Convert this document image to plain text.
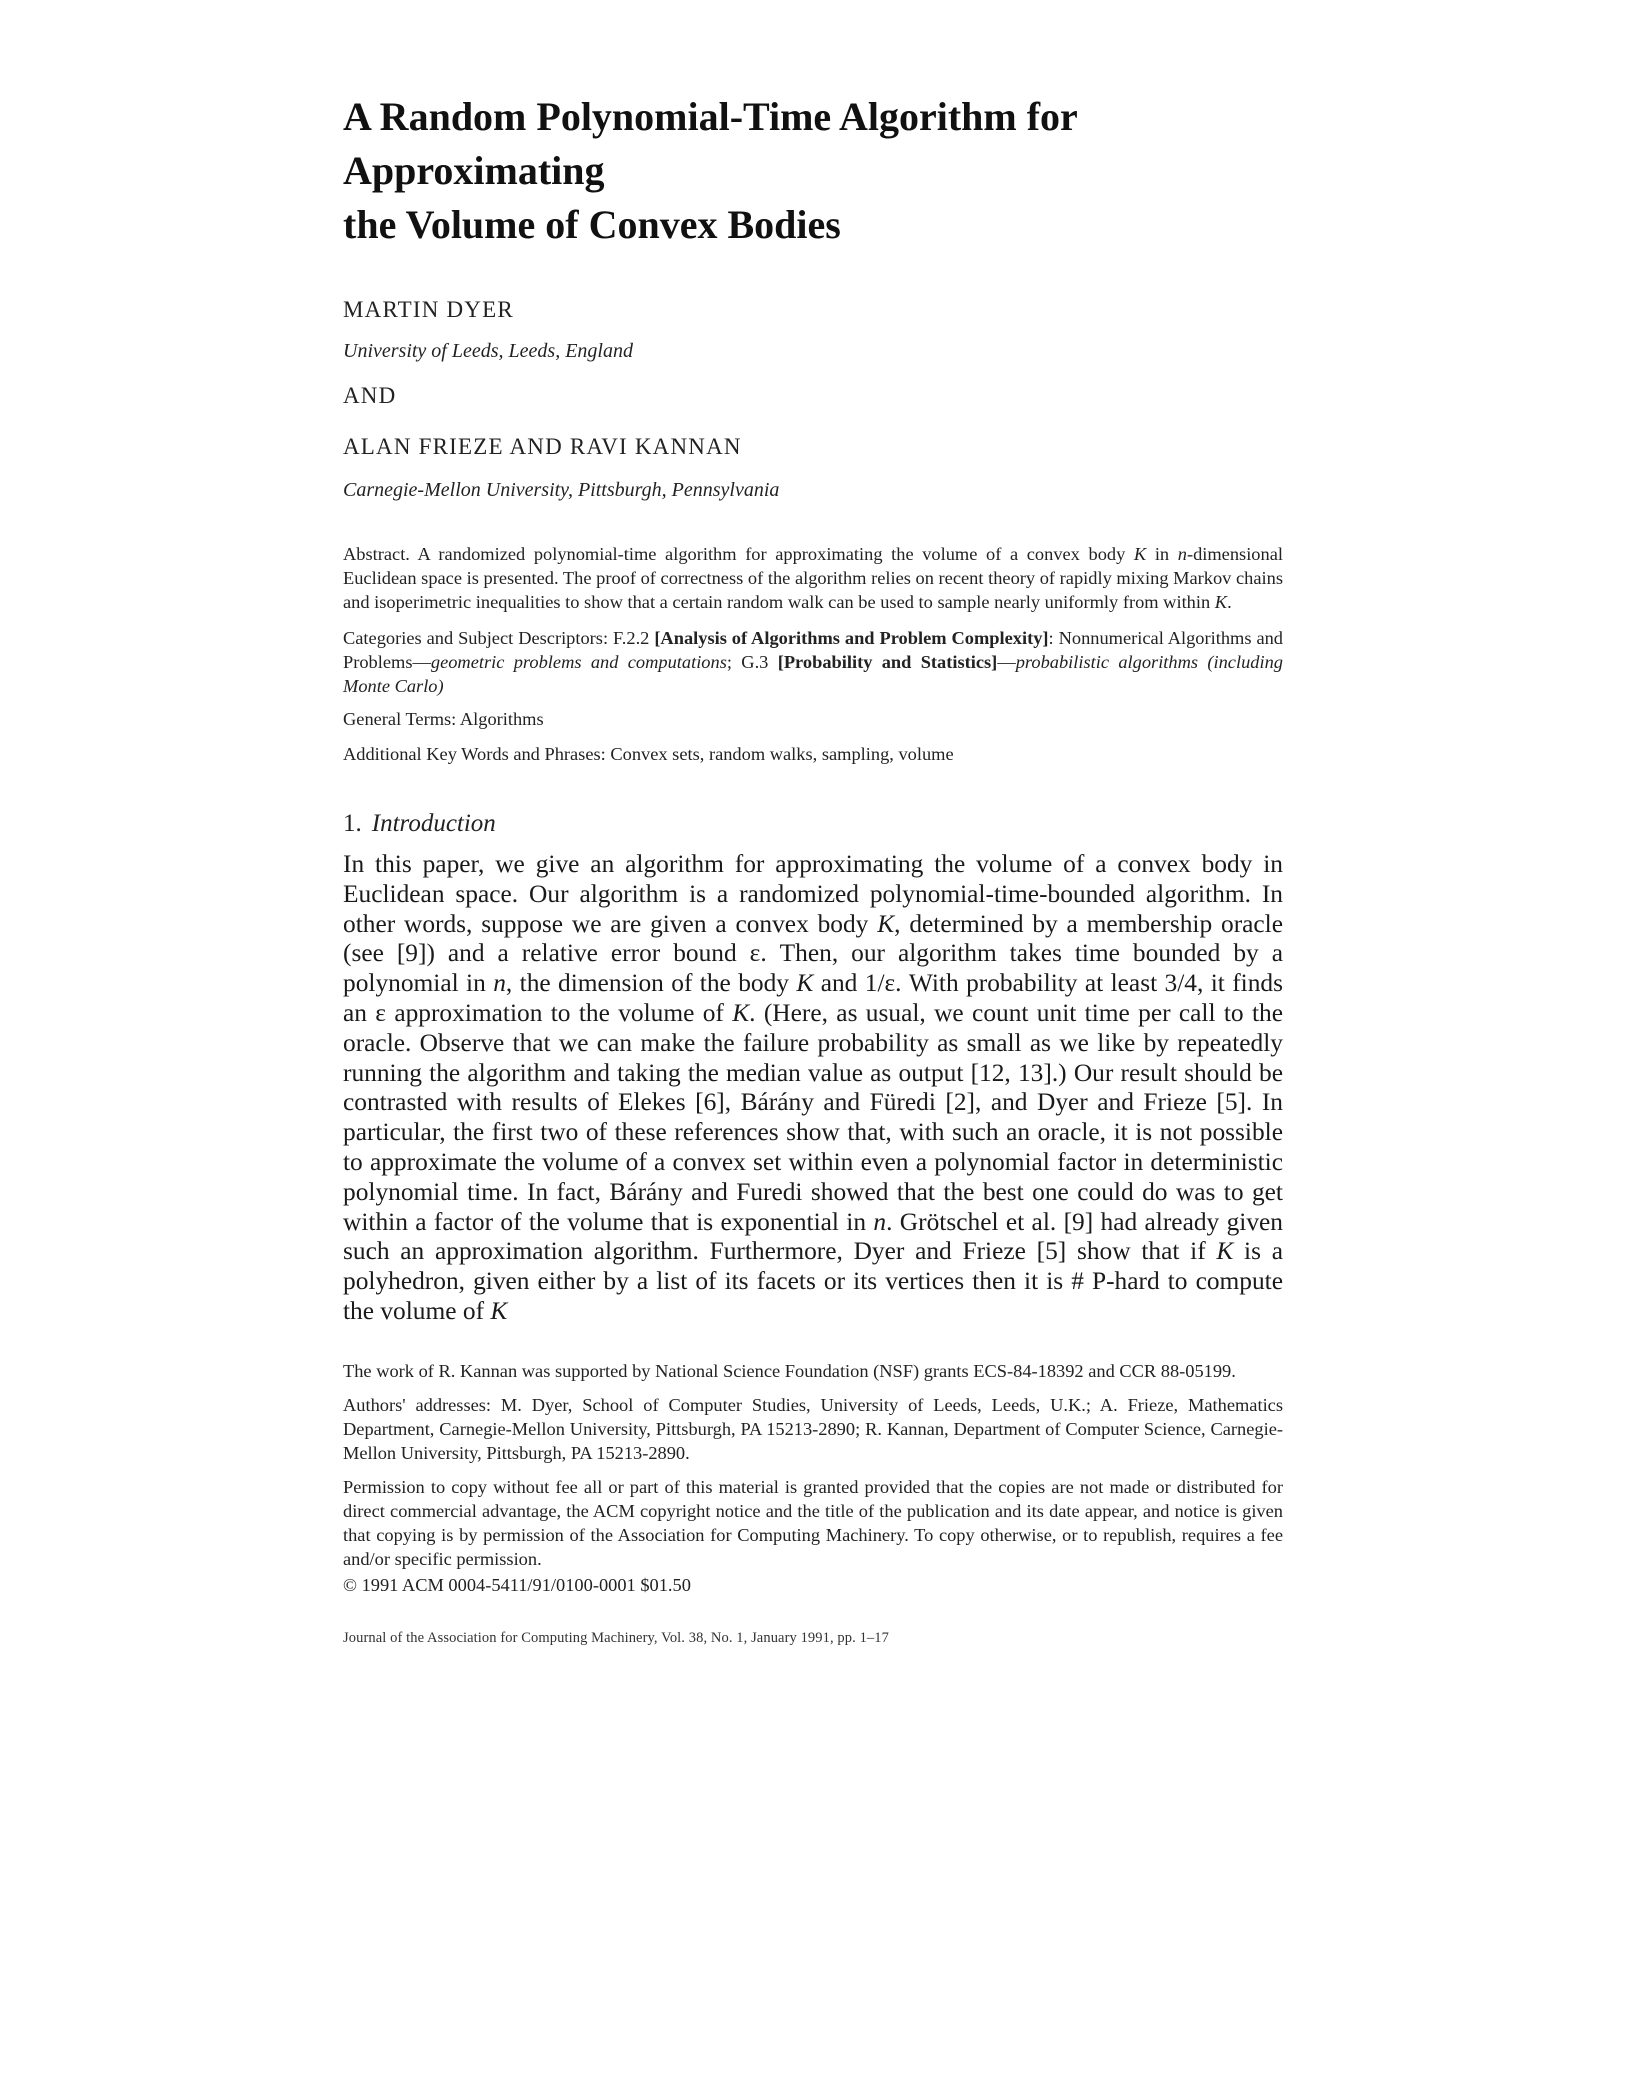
A Random Polynomial-Time Algorithm for Approximating
the Volume of Convex Bodies
MARTIN DYER
University of Leeds, Leeds, England
AND
ALAN FRIEZE AND RAVI KANNAN
Carnegie-Mellon University, Pittsburgh, Pennsylvania
Abstract. A randomized polynomial-time algorithm for approximating the volume of a convex body K in n-dimensional Euclidean space is presented. The proof of correctness of the algorithm relies on recent theory of rapidly mixing Markov chains and isoperimetric inequalities to show that a certain random walk can be used to sample nearly uniformly from within K.
Categories and Subject Descriptors: F.2.2 [Analysis of Algorithms and Problem Complexity]: Nonnumerical Algorithms and Problems—geometric problems and computations; G.3 [Probability and Statistics]—probabilistic algorithms (including Monte Carlo)
General Terms: Algorithms
Additional Key Words and Phrases: Convex sets, random walks, sampling, volume
1. Introduction
In this paper, we give an algorithm for approximating the volume of a convex body in Euclidean space. Our algorithm is a randomized polynomial-time-bounded algorithm. In other words, suppose we are given a convex body K, determined by a membership oracle (see [9]) and a relative error bound ε. Then, our algorithm takes time bounded by a polynomial in n, the dimension of the body K and 1/ε. With probability at least 3/4, it finds an ε approximation to the volume of K. (Here, as usual, we count unit time per call to the oracle. Observe that we can make the failure probability as small as we like by repeatedly running the algorithm and taking the median value as output [12, 13].) Our result should be contrasted with results of Elekes [6], Bárány and Füredi [2], and Dyer and Frieze [5]. In particular, the first two of these references show that, with such an oracle, it is not possible to approximate the volume of a convex set within even a polynomial factor in deterministic polynomial time. In fact, Bárány and Furedi showed that the best one could do was to get within a factor of the volume that is exponential in n. Grötschel et al. [9] had already given such an approximation algorithm. Furthermore, Dyer and Frieze [5] show that if K is a polyhedron, given either by a list of its facets or its vertices then it is # P-hard to compute the volume of K
The work of R. Kannan was supported by National Science Foundation (NSF) grants ECS-84-18392 and CCR 88-05199.
Authors' addresses: M. Dyer, School of Computer Studies, University of Leeds, Leeds, U.K.; A. Frieze, Mathematics Department, Carnegie-Mellon University, Pittsburgh, PA 15213-2890; R. Kannan, Department of Computer Science, Carnegie-Mellon University, Pittsburgh, PA 15213-2890.
Permission to copy without fee all or part of this material is granted provided that the copies are not made or distributed for direct commercial advantage, the ACM copyright notice and the title of the publication and its date appear, and notice is given that copying is by permission of the Association for Computing Machinery. To copy otherwise, or to republish, requires a fee and/or specific permission.
© 1991 ACM 0004-5411/91/0100-0001 $01.50
Journal of the Association for Computing Machinery, Vol. 38, No. 1, January 1991, pp. 1–17
